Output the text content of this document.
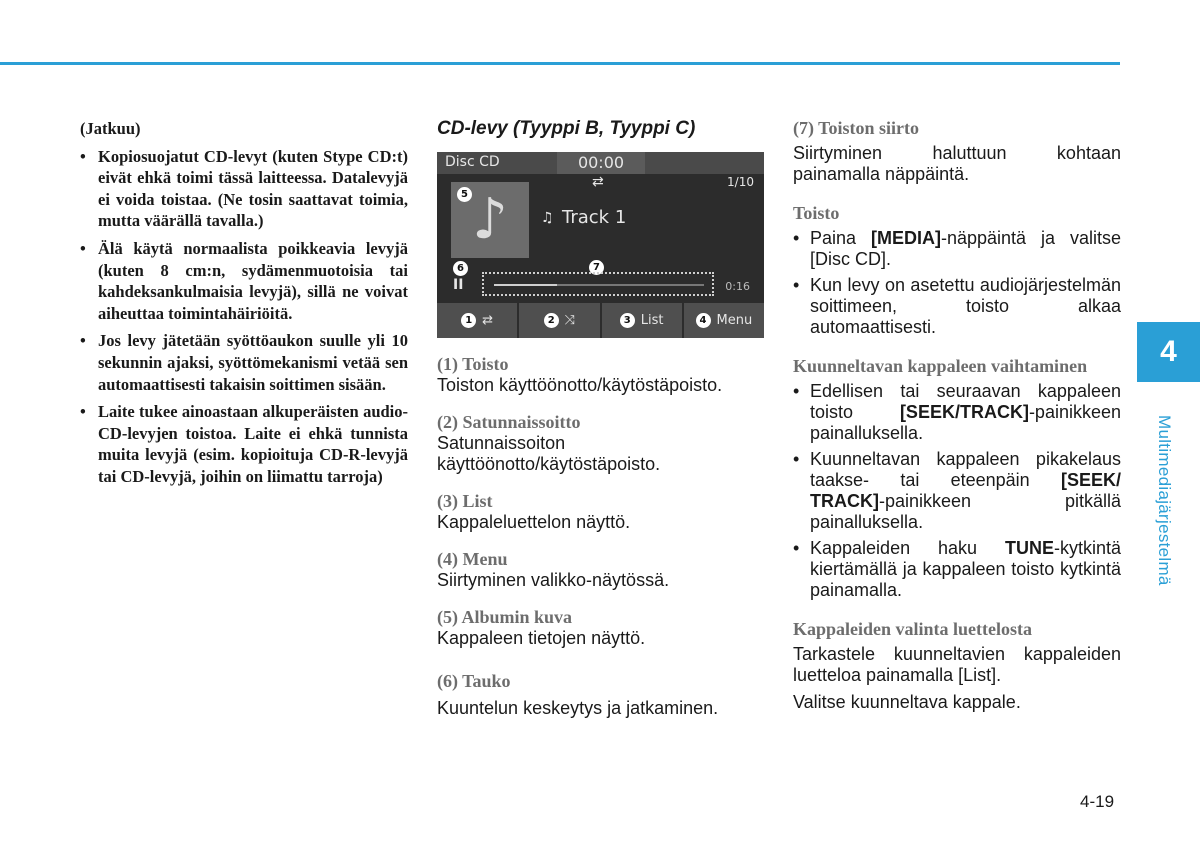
(Jatkuu)
• Kopiosuojatut CD-levyt (kuten Stype CD:t) eivät ehkä toimi tässä laitteessa. Datalevyjä ei voida toistaa. (Ne tosin saattavat toimia, mutta väärällä tavalla.)
• Älä käytä normaalista poikkeavia levyjä (kuten 8 cm:n, sydämenmuotoisia tai kahdeksankulmaisia levyjä), sillä ne voivat aiheuttaa toimintahäiriöitä.
• Jos levy jätetään syöttöaukon suulle yli 10 sekunnin ajaksi, syöttömekanismi vetää sen automaattisesti takaisin soittimen sisään.
• Laite tukee ainoastaan alkuperäisten audio-CD-levyjen toistoa. Laite ei ehkä tunnista muita levyjä (esim. kopioituja CD-R-levyjä tai CD-levyjä, joihin on liimattu tarroja)
CD-levy (Tyyppi B, Tyyppi C)
Disc CD	00:00
⇄	1/10
♪
5
♫ Track 1
6	7
II	0:16
1 ⇄	2 ⤨	3 List	4 Menu

(1) Toisto

Toiston käyttöönotto/käytöstäpoisto.

(2) Satunnaissoitto

Satunnaissoiton käyttöönotto/käytöstäpoisto.

(3) List

Kappaleluettelon näyttö.

(4) Menu

Siirtyminen valikko-näytössä.

(5) Albumin kuva

Kappaleen tietojen näyttö.

(6) Tauko

Kuuntelun keskeytys ja jatkaminen.

(7) Toiston siirto

Siirtyminen haluttuun kohtaan painamalla näppäintä.

Toisto
• Paina [MEDIA]-näppäintä ja valitse [Disc CD].
• Kun levy on asetettu audiojärjestelmän soittimeen, toisto alkaa automaattisesti.
Kuunneltavan kappaleen vaihtaminen
• Edellisen tai seuraavan kappaleen toisto [SEEK/TRACK]-painikkeen painalluksella.
• Kuunneltavan kappaleen pikakelaus taakse- tai eteenpäin [SEEK/ TRACK]-painikkeen pitkällä painalluksella.
• Kappaleiden haku TUNE-kytkintä kiertämällä ja kappaleen toisto kytkintä painamalla.
Kappaleiden valinta luettelosta

Tarkastele kuunneltavien kappaleiden luetteloa painamalla [List].

Valitse kuunneltava kappale.

4
Multimediajärjestelmä
4-19
